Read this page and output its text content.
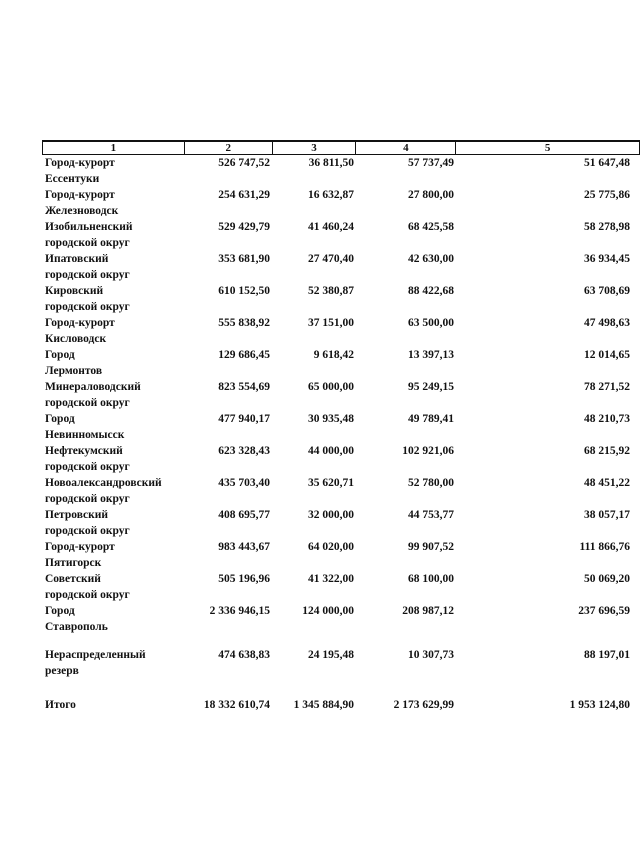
1	2	3	4	5
Город-курорт
Ессентуки
526 747,52	36 811,50	57 737,49	51 647,48
Город-курорт
Железноводск
254 631,29	16 632,87	27 800,00	25 775,86
Изобильненский
городской округ
529 429,79	41 460,24	68 425,58	58 278,98
Ипатовский
городской округ
353 681,90	27 470,40	42 630,00	36 934,45
Кировский
городской округ
610 152,50	52 380,87	88 422,68	63 708,69
Город-курорт
Кисловодск
555 838,92	37 151,00	63 500,00	47 498,63
Город
Лермонтов
129 686,45	9 618,42	13 397,13	12 014,65
Минераловодский
городской округ
823 554,69	65 000,00	95 249,15	78 271,52
Город
Невинномысск
477 940,17	30 935,48	49 789,41	48 210,73
Нефтекумский
городской округ
623 328,43	44 000,00	102 921,06	68 215,92
Новоалександровский
городской округ
435 703,40	35 620,71	52 780,00	48 451,22
Петровский
городской округ
408 695,77	32 000,00	44 753,77	38 057,17
Город-курорт
Пятигорск
983 443,67	64 020,00	99 907,52	111 866,76
Советский
городской округ
505 196,96	41 322,00	68 100,00	50 069,20
Город
Ставрополь
2 336 946,15	124 000,00	208 987,12	237 696,59
Нераспределенный
резерв
474 638,83	24 195,48	10 307,73	88 197,01
Итого	18 332 610,74	1 345 884,90	2 173 629,99	1 953 124,80
